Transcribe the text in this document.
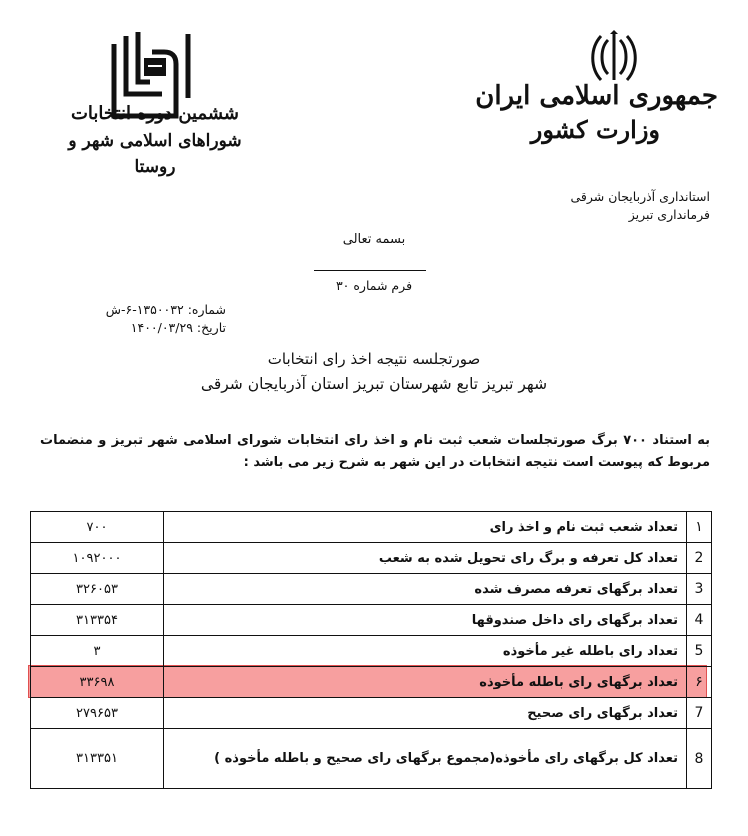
جمهوری اسلامی ایران
وزارت کشور
ششمین دوره انتخابات
شوراهای اسلامی شهر و روستا
استانداری آذربایجان شرقی
فرمانداری تبریز
بسمه تعالی
فرم شماره ۳۰
شماره: ۱۳۵۰۰۳۲-۶-ش
تاریخ: ۱۴۰۰/۰۳/۲۹
صورتجلسه نتیجه اخذ رای انتخابات
شهر تبریز تابع شهرستان تبریز استان آذربایجان شرقی
به استناد ۷۰۰ برگ صورتجلسات شعب ثبت نام و اخذ رای انتخابات شورای اسلامی شهر تبریز و منضمات مربوط که پیوست است نتیجه انتخابات در این شهر به شرح زیر می باشد :
۱	تعداد شعب ثبت نام و اخذ رای	۷۰۰
2	تعداد کل تعرفه و برگ رای تحویل شده به شعب	۱۰۹۲۰۰۰
3	تعداد برگهای تعرفه مصرف شده	۳۲۶۰۵۳
4	تعداد برگهای رای داخل صندوقها	۳۱۳۳۵۴
5	تعداد رای باطله غیر مأخوذه	۳
۶	تعداد برگهای رای باطله مأخوذه	۳۳۶۹۸
7	تعداد برگهای رای صحیح	۲۷۹۶۵۳
8	تعداد کل برگهای رای مأخوذه(مجموع برگهای رای صحیح و باطله مأخوذه )	۳۱۳۳۵۱
